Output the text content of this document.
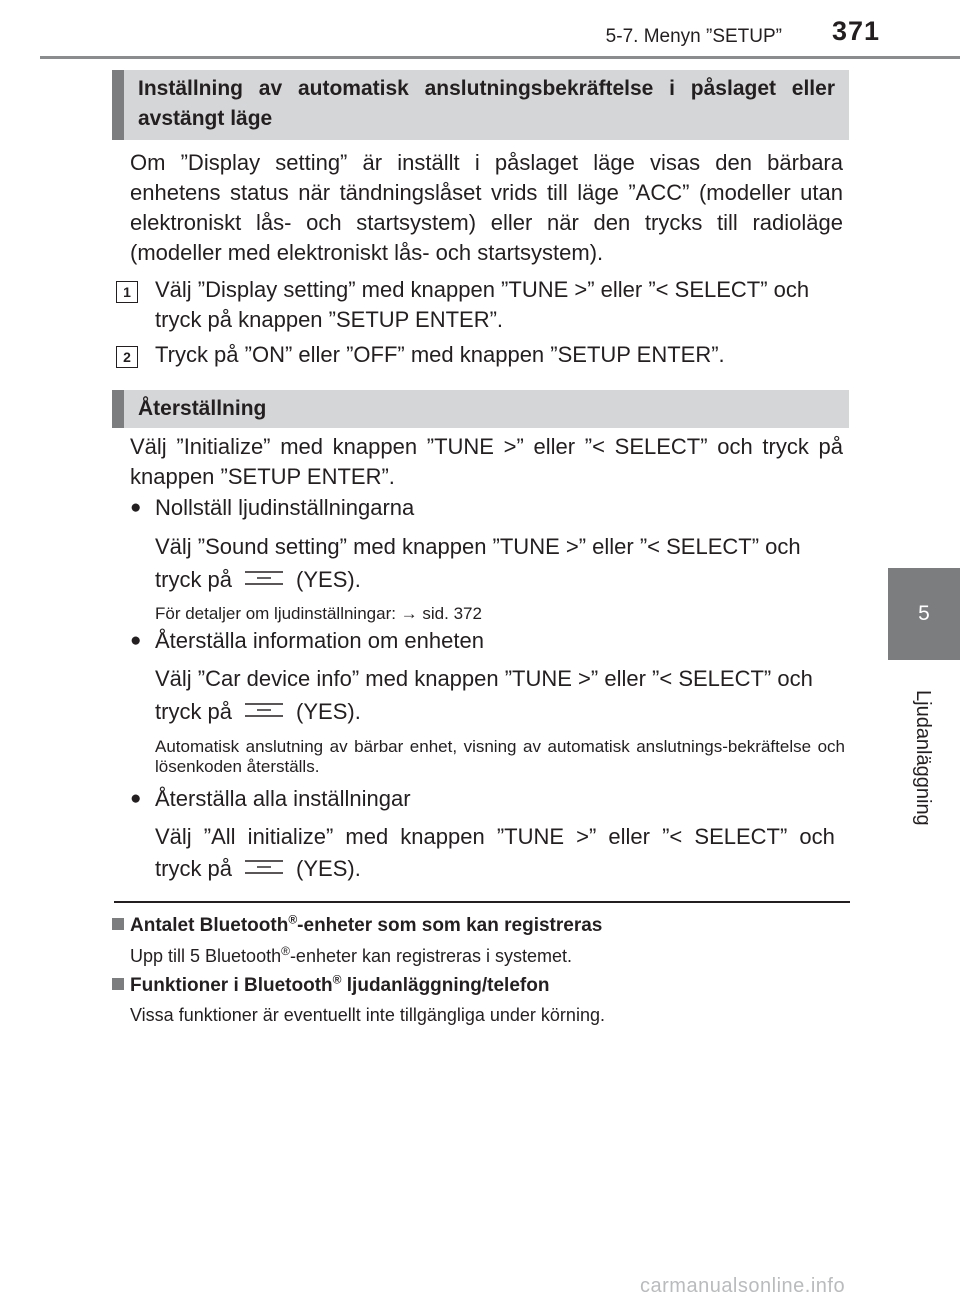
5-7. Menyn ”SETUP” 371
5
Ljudanläggning
Inställning av automatisk anslutningsbekräftelse i påslaget eller avstängt läge
Om ”Display setting” är inställt i påslaget läge visas den bärbara enhetens status när tändningslåset vrids till läge ”ACC” (modeller utan elektroniskt lås- och startsystem) eller när den trycks till radioläge (modeller med elektroniskt lås- och startsystem).
1	Välj ”Display setting” med knappen ”TUNE >” eller ”< SELECT” och tryck på knappen ”SETUP ENTER”.
2	Tryck på ”ON” eller ”OFF” med knappen ”SETUP ENTER”.
Återställning
Välj ”Initialize” med knappen ”TUNE >” eller ”< SELECT” och tryck på knappen ”SETUP ENTER”.
● Nollställ ljudinställningarna
Välj ”Sound setting” med knappen ”TUNE >” eller ”< SELECT” och
tryck på	(YES).
För detaljer om ljudinställningar: → sid. 372
● Återställa information om enheten
Välj ”Car device info” med knappen ”TUNE >” eller ”< SELECT” och
tryck på	(YES).
Automatisk anslutning av bärbar enhet, visning av automatisk anslutnings-bekräftelse och lösenkoden återställs.
● Återställa alla inställningar
Välj ”All initialize” med knappen ”TUNE >” eller ”< SELECT” och
tryck på	(YES).
Antalet Bluetooth®-enheter som som kan registreras
Upp till 5 Bluetooth®-enheter kan registreras i systemet.
Funktioner i Bluetooth® ljudanläggning/telefon
Vissa funktioner är eventuellt inte tillgängliga under körning.
carmanualsonline.info
